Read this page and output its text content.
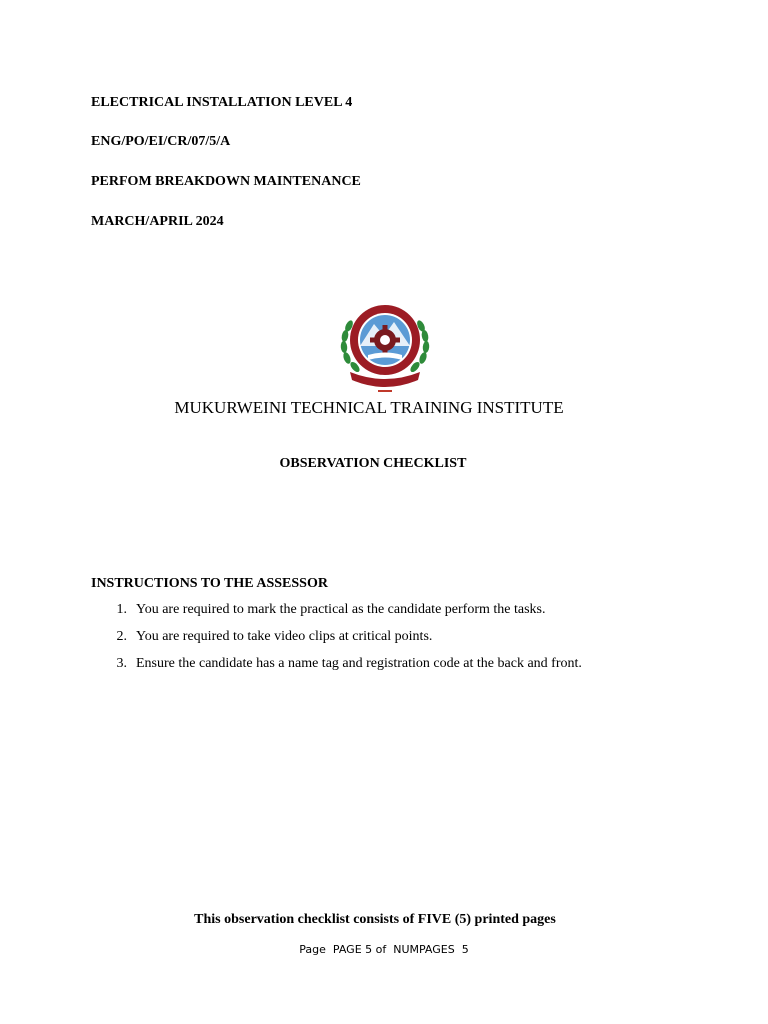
ELECTRICAL INSTALLATION LEVEL 4

ENG/PO/EI/CR/07/5/A

PERFOM BREAKDOWN MAINTENANCE

MARCH/APRIL 2024

MUKURWEINI TECHNICAL TRAINING INSTITUTE
OBSERVATION CHECKLIST
INSTRUCTIONS TO THE ASSESSOR
1. You are required to mark the practical as the candidate perform the tasks.
2. You are required to take video clips at critical points.
3. Ensure the candidate has a name tag and registration code at the back and front.
This observation checklist consists of FIVE (5) printed pages
Page  PAGE 5 of  NUMPAGES  5
